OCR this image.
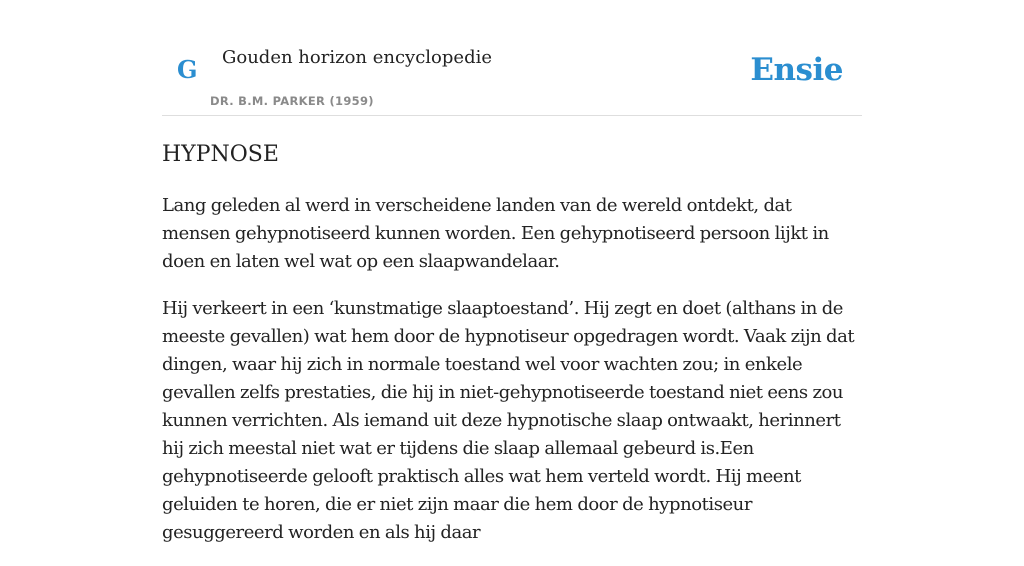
G Gouden horizon encyclopedie
DR. B.M. PARKER (1959)
Ensie
HYPNOSE

Lang geleden al werd in verscheidene landen van de wereld ontdekt, dat mensen gehypnotiseerd kunnen worden. Een gehypnotiseerd persoon lijkt in doen en laten wel wat op een slaapwandelaar.

Hij verkeert in een ‘kunstmatige slaaptoestand’. Hij zegt en doet (althans in de meeste gevallen) wat hem door de hypnotiseur opgedragen wordt. Vaak zijn dat dingen, waar hij zich in normale toestand wel voor wachten zou; in enkele gevallen zelfs prestaties, die hij in niet-gehypnotiseerde toestand niet eens zou kunnen verrichten. Als iemand uit deze hypnotische slaap ontwaakt, herinnert hij zich meestal niet wat er tijdens die slaap allemaal gebeurd is.Een gehypnotiseerde gelooft praktisch alles wat hem verteld wordt. Hij meent geluiden te horen, die er niet zijn maar die hem door de hypnotiseur gesuggereerd worden en als hij daar
